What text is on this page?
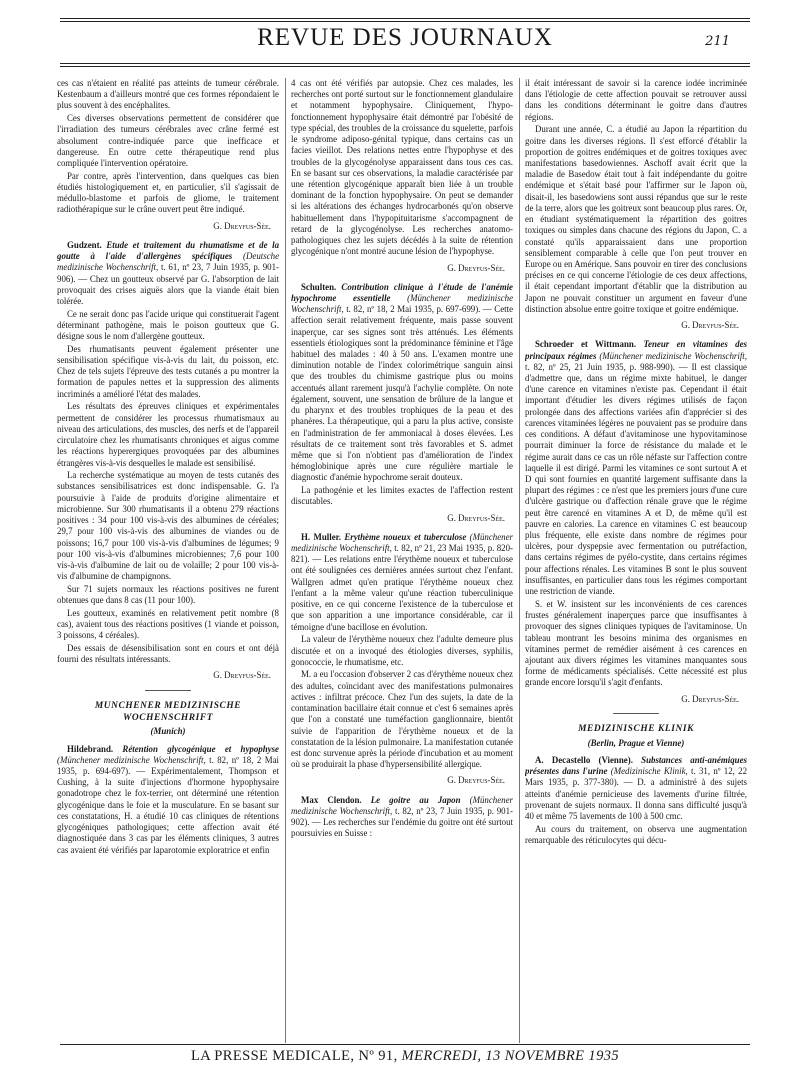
REVUE DES JOURNAUX	211

ces cas n'étaient en réalité pas atteints de tumeur cérébrale. Kestenbaum a d'ailleurs montré que ces formes répondaient le plus souvent à des encéphalites.

Ces diverses observations permettent de considérer que l'irradiation des tumeurs cérébrales avec crâne fermé est absolument contre-indiquée parce que inefficace et dangereuse. En outre cette thérapeutique rend plus compliquée l'intervention opératoire.

Par contre, après l'intervention, dans quelques cas bien étudiés histologiquement et, en particulier, s'il s'agissait de médullo-blastome et parfois de gliome, le traitement radiothérapique sur le crâne ouvert peut être indiqué.

G. Dreyfus-Sée.

Gudzent. Etude et traitement du rhumatisme et de la goutte à l'aide d'allergènes spécifiques (Deutsche medizinische Wochenschrift, t. 61, nº 23, 7 Juin 1935, p. 901-906). — Chez un goutteux observé par G. l'absorption de lait provoquait des crises aiguës alors que la viande était bien tolérée.

Ce ne serait donc pas l'acide urique qui constituerait l'agent déterminant pathogène, mais le poison goutteux que G. désigne sous le nom d'allergène goutteux.

Des rhumatisants peuvent également présenter une sensibilisation spécifique vis-à-vis du lait, du poisson, etc. Chez de tels sujets l'épreuve des tests cutanés a pu montrer la formation de papules nettes et la suppression des aliments incriminés a amélioré l'état des malades.

Les résultats des épreuves cliniques et expérimentales permettent de considérer les processus rhumatismaux au niveau des articulations, des muscles, des nerfs et de l'appareil circulatoire chez les rhumatisants chroniques et aigus comme les réactions hyperergiques provoquées par des albumines étrangères vis-à-vis desquelles le malade est sensibilisé.

La recherche systématique au moyen de tests cutanés des substances sensibilisatrices est donc indispensable. G. l'a poursuivie à l'aide de produits d'origine alimentaire et microbienne. Sur 300 rhumatisants il a obtenu 279 réactions positives : 34 pour 100 vis-à-vis des albumines de céréales; 29,7 pour 100 vis-à-vis des albumines de viandes ou de poissons; 16,7 pour 100 vis-à-vis d'albumines de légumes; 9 pour 100 vis-à-vis d'albumines microbiennes; 7,6 pour 100 vis-à-vis d'albumine de lait ou de volaille; 2 pour 100 vis-à-vis d'albumine de champignons.

Sur 71 sujets normaux les réactions positives ne furent obtenues que dans 8 cas (11 pour 100).

Les goutteux, examinés en relativement petit nombre (8 cas), avaient tous des réactions positives (1 viande et poisson, 3 poissons, 4 céréales).

Des essais de désensibilisation sont en cours et ont déjà fourni des résultats intéressants.

G. Dreyfus-Sée.
MUNCHENER MEDIZINISCHE WOCHENSCHRIFT
(Munich)

Hildebrand. Rétention glycogénique et hypophyse (Münchener medizinische Wochenschrift, t. 82, nº 18, 2 Mai 1935, p. 694-697). — Expérimentalement, Thompson et Cushing, à la suite d'injections d'hormone hypophysaire gonadotrope chez le fox-terrier, ont déterminé une rétention glycogénique dans le foie et la musculature. En se basant sur ces constatations, H. a étudié 10 cas cliniques de rétentions glycogéniques pathologiques; cette affection avait été diagnostiquée dans 3 cas par les éléments cliniques, 3 autres cas avaient été vérifiés par laparotomie exploratrice et enfin

4 cas ont été vérifiés par autopsie. Chez ces malades, les recherches ont porté surtout sur le fonctionnement glandulaire et notamment hypophysaire. Cliniquement, l'hypo-fonctionnement hypophysaire était démontré par l'obésité de type spécial, des troubles de la croissance du squelette, parfois le syndrome adiposo-génital typique, dans certains cas un facies vieillot. Des relations nettes entre l'hypophyse et des troubles de la glycogénolyse apparaissent dans tous ces cas. En se basant sur ces observations, la maladie caractérisée par une rétention glycogénique apparaît bien liée à un trouble dominant de la fonction hypophysaire. On peut se demander si les altérations des échanges hydrocarbonés qu'on observe habituellement dans l'hypopituitarisme s'accompagnent de retard de la glycogénolyse. Les recherches anatomo-pathologiques chez les sujets décédés à la suite de rétention glycogénique n'ont montré aucune lésion de l'hypophyse.

G. Dreyfus-Sée.

Schulten. Contribution clinique à l'étude de l'anémie hypochrome essentielle (Münchener medizinische Wochenschrift, t. 82, nº 18, 2 Mai 1935, p. 697-699). — Cette affection serait relativement fréquente, mais passe souvent inaperçue, car ses signes sont très atténués. Les éléments essentiels étiologiques sont la prédominance féminine et l'âge habituel des malades : 40 à 50 ans. L'examen montre une diminution notable de l'index colorimétrique sanguin ainsi que des troubles du chimisme gastrique plus ou moins accentués allant rarement jusqu'à l'achylie complète. On note également, souvent, une sensation de brûlure de la langue et du pharynx et des troubles trophiques de la peau et des phanères. La thérapeutique, qui a paru la plus active, consiste en l'administration de fer ammoniacal à doses élevées. Les résultats de ce traitement sont très favorables et S. admet même que si l'on n'obtient pas d'amélioration de l'index hémoglobinique après une cure régulière martiale le diagnostic d'anémie hypochrome serait douteux.

La pathogénie et les limites exactes de l'affection restent discutables.

G. Dreyfus-Sée.

H. Muller. Erythème noueux et tuberculose (Münchener medizinische Wochenschrift, t. 82, nº 21, 23 Mai 1935, p. 820-821). — Les relations entre l'érythème noueux et tuberculose ont été soulignées ces dernières années surtout chez l'enfant. Wallgren admet qu'en pratique l'érythème noueux chez l'enfant a la même valeur qu'une réaction tuberculinique positive, en ce qui concerne l'existence de la tuberculose et que son apparition a une importance considérable, car il témoigne d'une bacillose en évolution.

La valeur de l'érythème noueux chez l'adulte demeure plus discutée et on a invoqué des étiologies diverses, syphilis, gonococcie, le rhumatisme, etc.

M. a eu l'occasion d'observer 2 cas d'érythème noueux chez des adultes, coïncidant avec des manifestations pulmonaires actives : infiltrat précoce. Chez l'un des sujets, la date de la contamination bacillaire était connue et c'est 6 semaines après que l'on a constaté une tuméfaction ganglionnaire, bientôt suivie de l'apparition de l'érythème noueux et de la constatation de la lésion pulmonaire. La manifestation cutanée est donc survenue après la période d'incubation et au moment où se produirait la phase d'hypersensibilité allergique.

G. Dreyfus-Sée.

Max Clendon. Le goitre au Japon (Münchener medizinische Wochenschrift, t. 82, nº 23, 7 Juin 1935, p. 901-902). — Les recherches sur l'endémie du goitre ont été surtout poursuivies en Suisse :

il était intéressant de savoir si la carence iodée incriminée dans l'étiologie de cette affection pouvait se retrouver aussi dans les conditions déterminant le goitre dans d'autres régions.

Durant une année, C. a étudié au Japon la répartition du goitre dans les diverses régions. Il s'est efforcé d'établir la proportion de goitres endémiques et de goitres toxiques avec manifestations basedowiennes. Aschoff avait écrit que la maladie de Basedow était tout à fait indépendante du goitre endémique et s'était basé pour l'affirmer sur le Japon où, disait-il, les basedowiens sont aussi répandus que sur le reste de la terre, alors que les goitreux sont beaucoup plus rares. Or, en étudiant systématiquement la répartition des goitres toxiques ou simples dans chacune des régions du Japon, C. a constaté qu'ils apparaissaient dans une proportion sensiblement comparable à celle que l'on peut trouver en Europe ou en Amérique. Sans pouvoir en tirer des conclusions précises en ce qui concerne l'étiologie de ces deux affections, il était cependant important d'établir que la distribution au Japon ne pouvait constituer un argument en faveur d'une distinction absolue entre goitre toxique et goitre endémique.

G. Dreyfus-Sée.

Schroeder et Wittmann. Teneur en vitamines des principaux régimes (Münchener medizinische Wochenschrift, t. 82, nº 25, 21 Juin 1935, p. 988-990). — Il est classique d'admettre que, dans un régime mixte habituel, le danger d'une carence en vitamines n'existe pas. Cependant il était important d'étudier les divers régimes utilisés de façon prolongée dans des affections variées afin d'apprécier si des carences vitaminées légères ne pouvaient pas se produire dans ces conditions. A défaut d'avitaminose une hypovitaminose pourrait diminuer la force de résistance du malade et le régime aurait dans ce cas un rôle néfaste sur l'affection contre laquelle il est dirigé. Parmi les vitamines ce sont surtout A et D qui sont fournies en quantité largement suffisante dans la plupart des régimes : ce n'est que les premiers jours d'une cure d'ulcère gastrique ou d'affection rénale grave que le régime peut être carencé en vitamines A et D, de même qu'il est pauvre en calories. La carence en vitamines C est beaucoup plus fréquente, elle existe dans nombre de régimes pour ulcères, pour dyspepsie avec fermentation ou putréfaction, dans certains régimes de pyélo-cystite, dans certains régimes pour affections rénales. Les vitamines B sont le plus souvent insuffisantes, en particulier dans tous les régimes comportant une restriction de viande.

S. et W. insistent sur les inconvénients de ces carences frustes généralement inaperçues parce que insuffisantes à provoquer des signes cliniques typiques de l'avitaminose. Un tableau montrant les besoins minima des organismes en vitamines permet de remédier aisément à ces carences en ajoutant aux divers régimes les vitamines manquantes sous forme de médicaments spécialisés. Cette nécessité est plus grande encore lorsqu'il s'agit d'enfants.

G. Dreyfus-Sée.
MEDIZINISCHE KLINIK
(Berlin, Prague et Vienne)

A. Decastello (Vienne). Substances anti-anémiques présentes dans l'urine (Medizinische Klinik, t. 31, nº 12, 22 Mars 1935, p. 377-380). — D. a administré à des sujets atteints d'anémie pernicieuse des lavements d'urine filtrée, provenant de sujets normaux. Il donna sans difficulté jusqu'à 40 et même 75 lavements de 100 à 500 cmc.

Au cours du traitement, on observa une augmentation remarquable des réticulocytes qui décu-

LA PRESSE MEDICALE, Nº 91, MERCREDI, 13 NOVEMBRE 1935
